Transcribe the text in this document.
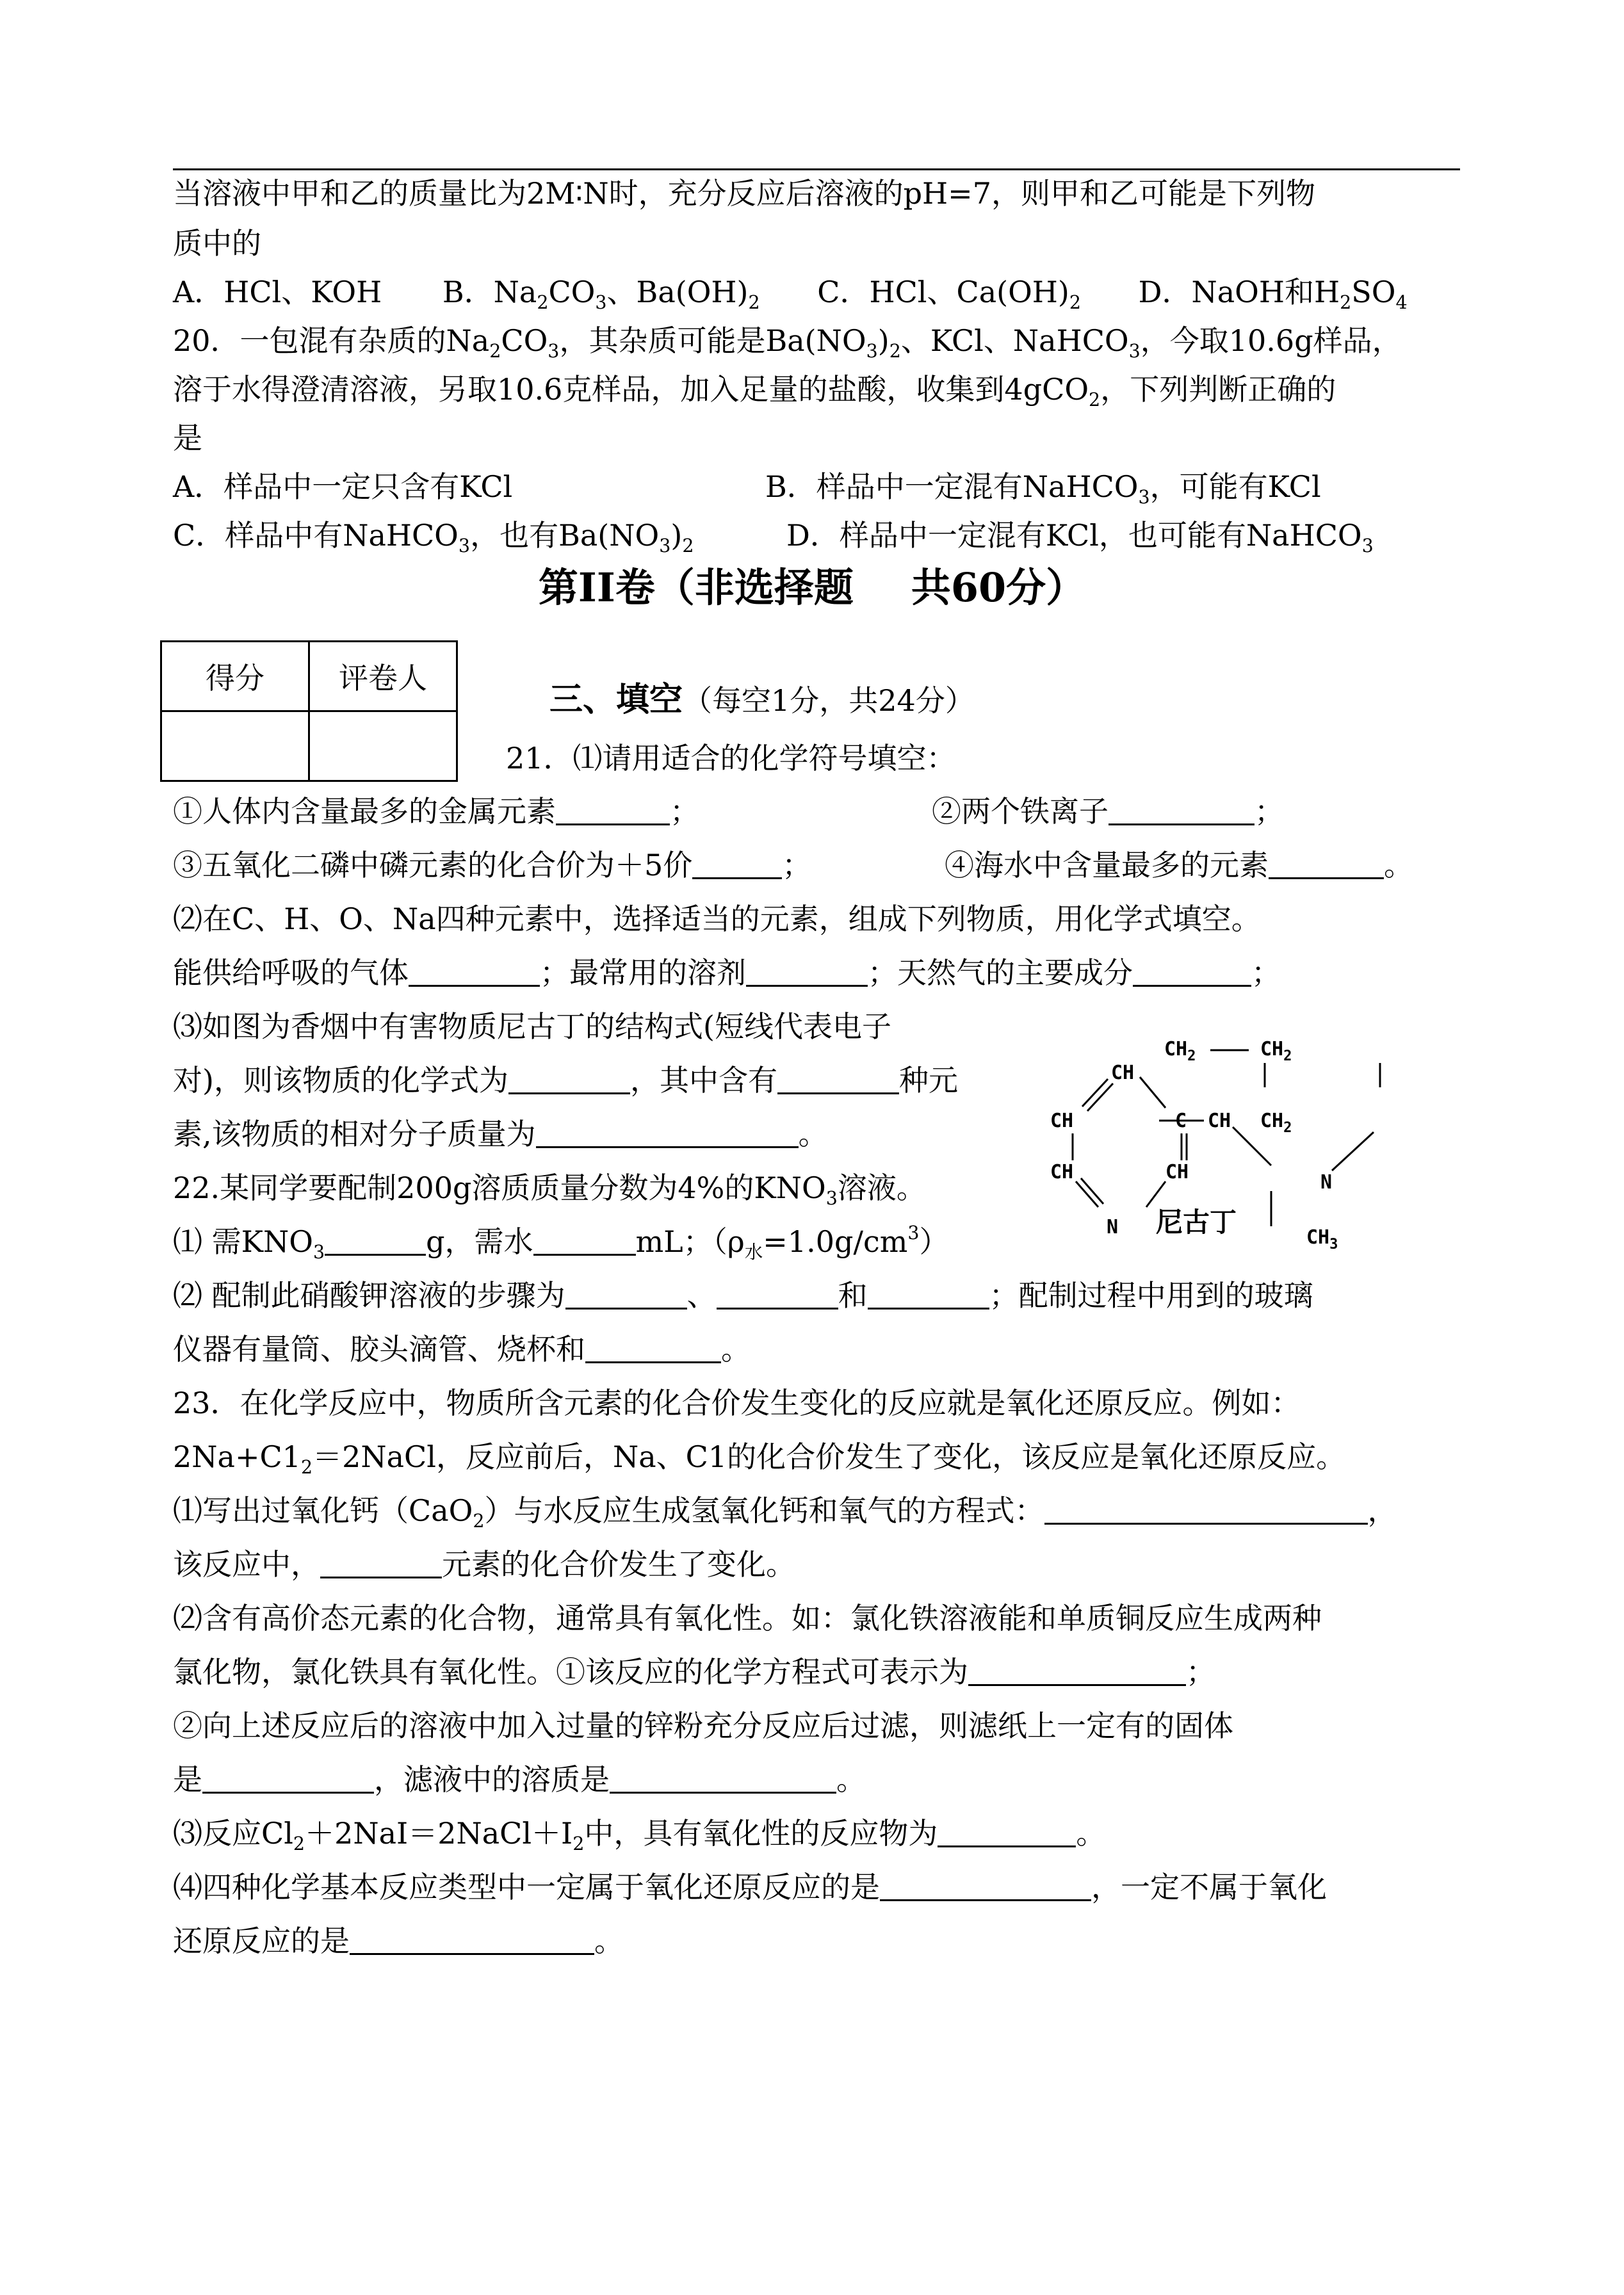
当溶液中甲和乙的质量比为2M∶N时，充分反应后溶液的pH=7，则甲和乙可能是下列物
质中的
A．HCl、KOH B．$Na_2CO_3$、$Ba(OH)_2$ C．HCl、$Ca(OH)_2$ D．NaOH和$H_2SO_4$
20．一包混有杂质的$Na_2CO_3$，其杂质可能是$Ba(NO_3)_2$、KCl、NaHCO$_3$，今取10.6g样品，
溶于水得澄清溶液，另取10.6克样品，加入足量的盐酸，收集到4gCO$_2$，下列判断正确的
是
A．样品中一定只含有KCl	B．样品中一定混有NaHCO$_3$，可能有KCl
C．样品中有NaHCO$_3$，也有$Ba(NO_3)_2$	D．样品中一定混有KCl，也可能有NaHCO$_3$
第II卷（非选择题 共60分）
得分	评卷人

三、填空（每空1分，共24分）
21．⑴请用适合的化学符号填空：
①人体内含量最多的金属元素	；	②两个铁离子	；
③五氧化二磷中磷元素的化合价为＋5价	；	④海水中含量最多的元素	。
⑵在C、H、O、Na四种元素中，选择适当的元素，组成下列物质，用化学式填空。
能供给呼吸的气体	；最常用的溶剂	；天然气的主要成分	；
⑶如图为香烟中有害物质尼古丁的结构式(短线代表电子
对)，则该物质的化学式为	，其中含有	种元
素,该物质的相对分子质量为	。
$CH_2$	$CH_2$
CH
CH	C CH $CH_2$
CH	CH	N
N 尼古丁	$CH_3$
22.某同学要配制200g溶质质量分数为4%的$KNO_3$溶液。
⑴ 需$KNO_3$	g，需水	mL；$(\rho_水=1.0g/cm^3)$
⑵ 配制此硝酸钾溶液的步骤为	、	和	；配制过程中用到的玻璃
仪器有量筒、胶头滴管、烧杯和	。
23．在化学反应中，物质所含元素的化合价发生变化的反应就是氧化还原反应。例如：
$2Na+C1_2=2NaCl$，反应前后，Na、C1的化合价发生了变化，该反应是氧化还原反应。
⑴写出过氧化钙（CaO$_2$）与水反应生成氢氧化钙和氧气的方程式：	，
该反应中，	元素的化合价发生了变化。
⑵含有高价态元素的化合物，通常具有氧化性。如：氯化铁溶液能和单质铜反应生成两种
氯化物，氯化铁具有氧化性。①该反应的化学方程式可表示为	；
②向上述反应后的溶液中加入过量的锌粉充分反应后过滤，则滤纸上一定有的固体
是	，滤液中的溶质是	。
⑶反应$Cl_2+2NaI=2NaCl+I_2$中，具有氧化性的反应物为	。
⑷四种化学基本反应类型中一定属于氧化还原反应的是	，一定不属于氧化
还原反应的是	。
